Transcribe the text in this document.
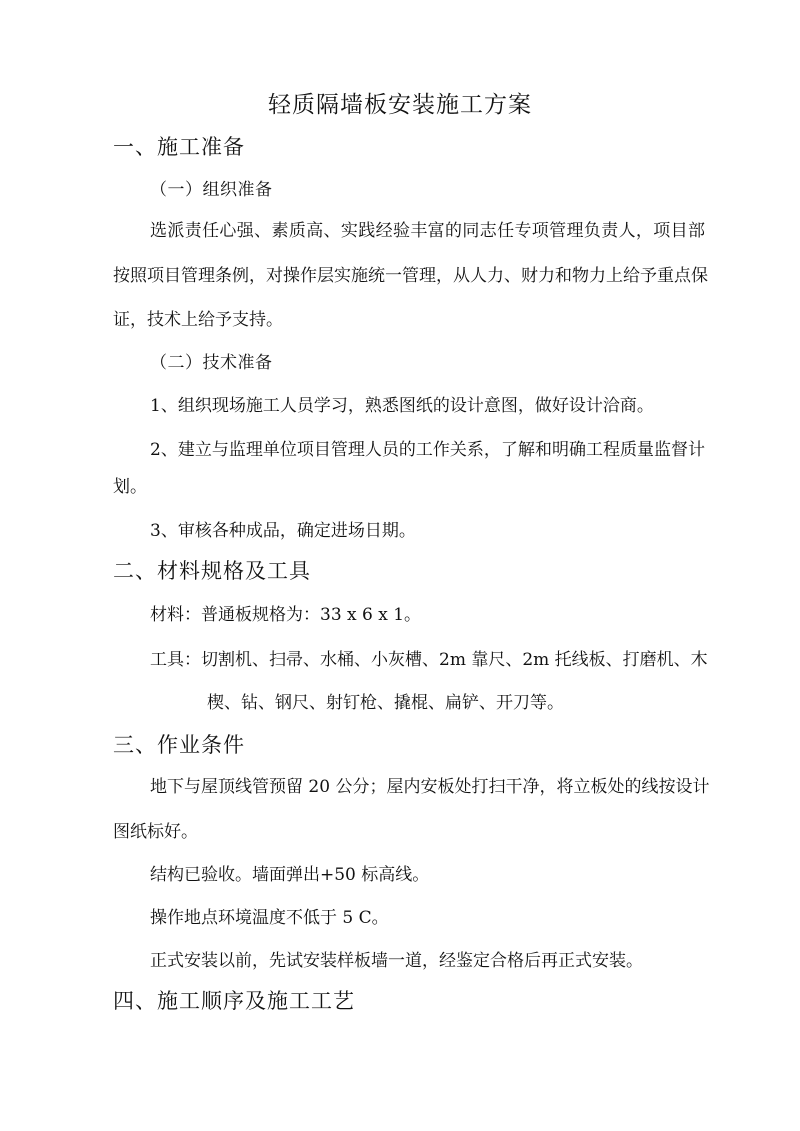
轻质隔墙板安装施工方案
一、施工准备
（一）组织准备
选派责任心强、素质高、实践经验丰富的同志任专项管理负责人，项目部
按照项目管理条例，对操作层实施统一管理，从人力、财力和物力上给予重点保
证，技术上给予支持。
（二）技术准备
1、组织现场施工人员学习，熟悉图纸的设计意图，做好设计洽商。
2、建立与监理单位项目管理人员的工作关系，了解和明确工程质量监督计
划。
3、审核各种成品，确定进场日期。
二、材料规格及工具
材料：普通板规格为：33 x 6 x 1。
工具：切割机、扫帚、水桶、小灰槽、2m 靠尺、2m 托线板、打磨机、木
楔、钻、钢尺、射钉枪、撬棍、扁铲、开刀等。
三、作业条件
地下与屋顶线管预留 20 公分；屋内安板处打扫干净，将立板处的线按设计
图纸标好。
结构已验收。墙面弹出+50 标高线。
操作地点环境温度不低于 5 C。
正式安装以前，先试安装样板墙一道，经鉴定合格后再正式安装。
四、施工顺序及施工工艺
